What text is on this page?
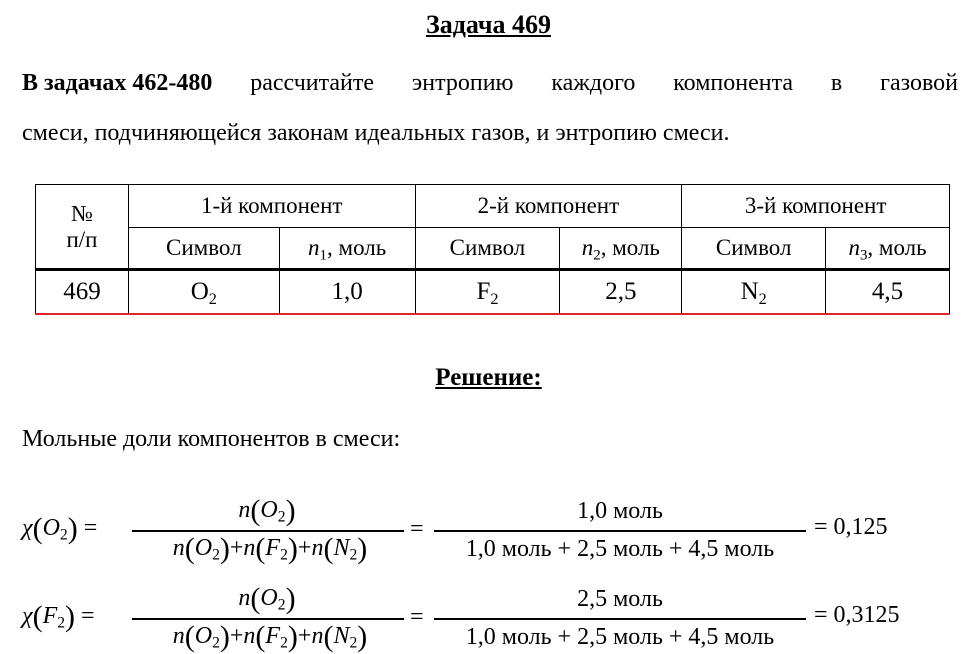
Задача 469
В задачах 462-480 рассчитайте энтропию каждого компонента в газовой
смеси, подчиняющейся законам идеальных газов, и энтропию смеси.
№
п/п	1-й компонент		2-й компонент		3-й компонент	
	Символ	$n_1$, моль	Символ	$n_2$, моль	Символ	$n_3$, моль
469	$O_2$	1,0	$F_2$	2,5	$N_2$	4,5
Решение:
Мольные доли компонентов в смеси:
$\chi(O_2)$ =
$n(O_2)$
$n(O_2)+n(F_2)+n(N_2)$
=
1,0 моль
1,0 моль + 2,5 моль + 4,5 моль
= 0,125
$\chi(F_2)$ =
$n(O_2)$
$n(O_2)+n(F_2)+n(N_2)$
=
2,5 моль
1,0 моль + 2,5 моль + 4,5 моль
= 0,3125
